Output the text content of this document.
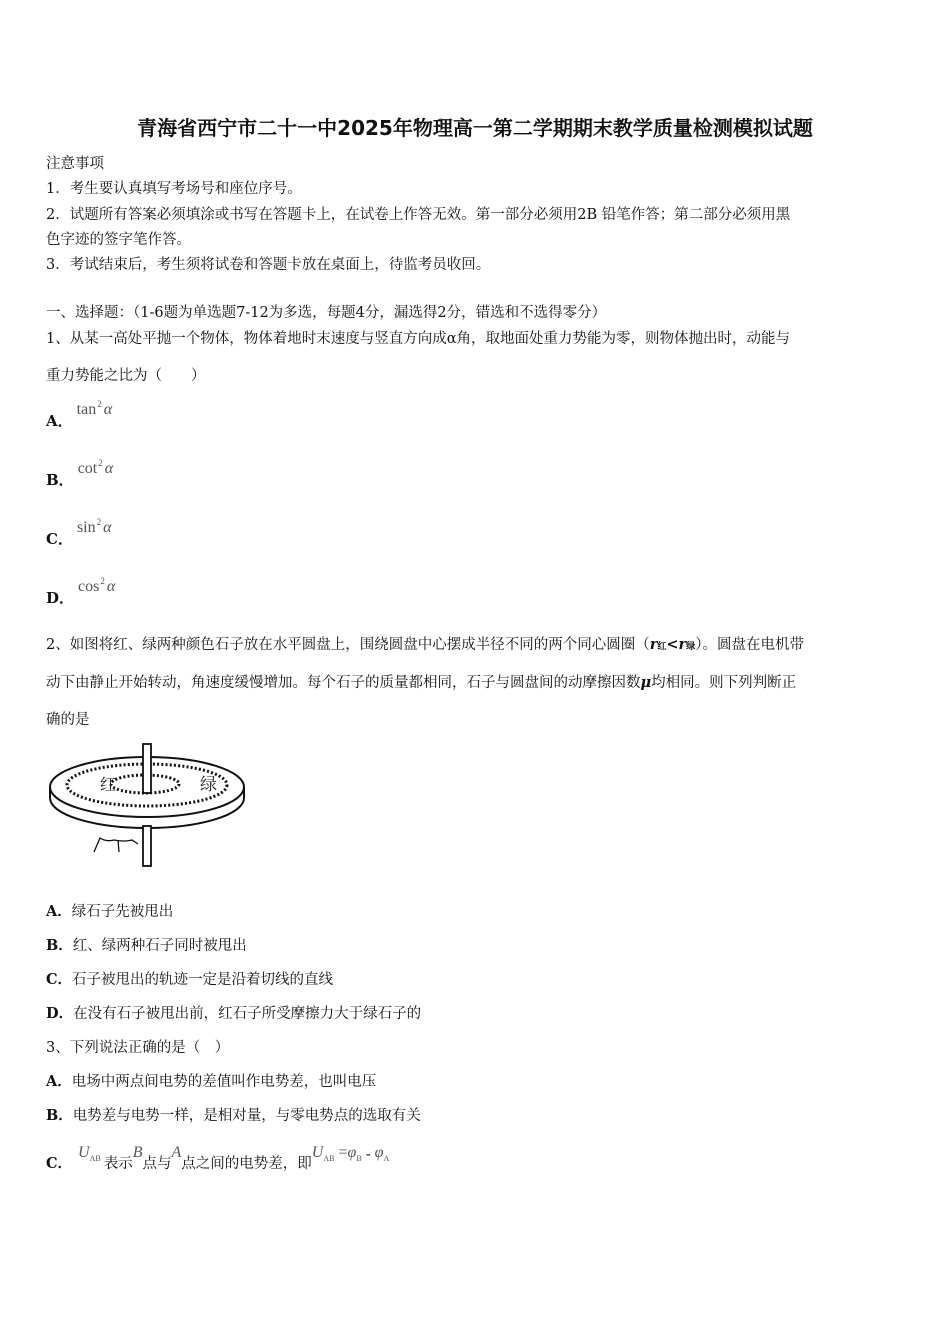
青海省西宁市二十一中2025年物理高一第二学期期末教学质量检测模拟试题
注意事项
1．考生要认真填写考场号和座位序号。
2．试题所有答案必须填涂或书写在答题卡上，在试卷上作答无效。第一部分必须用2B 铅笔作答；第二部分必须用黑
色字迹的签字笔作答。
3．考试结束后，考生须将试卷和答题卡放在桌面上，待监考员收回。
一、选择题：（1-6题为单选题7-12为多选，每题4分，漏选得2分，错选和不选得零分）
1、从某一高处平抛一个物体，物体着地时末速度与竖直方向成α角，取地面处重力势能为零，则物体抛出时，动能与
重力势能之比为（　　）
A．$\tan^2 \alpha$
B．$\cot^2 \alpha$
C．$\sin^2 \alpha$
D．$\cos^2 \alpha$
2、如图将红、绿两种颜色石子放在水平圆盘上，围绕圆盘中心摆成半径不同的两个同心圆圈（r红<r绿）。圆盘在电机带
动下由静止开始转动，角速度缓慢增加。每个石子的质量都相同，石子与圆盘间的动摩擦因数μ均相同。则下列判断正
确的是
红	绿
A．绿石子先被甩出
B．红、绿两种石子同时被甩出
C．石子被甩出的轨迹一定是沿着切线的直线
D．在没有石子被甩出前，红石子所受摩擦力大于绿石子的
3、下列说法正确的是（　）
A．电场中两点间电势的差值叫作电势差，也叫电压
B．电势差与电势一样，是相对量，与零电势点的选取有关
C．$U_{AB}$ 表示B点与A点之间的电势差，即$U_{AB} =\varphi_B - \varphi_A$
